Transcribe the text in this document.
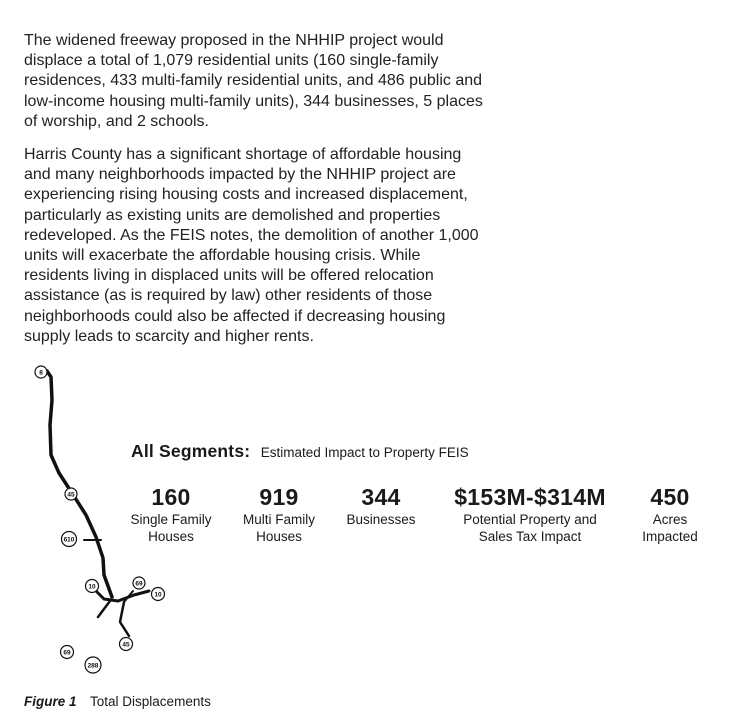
The widened freeway proposed in the NHHIP project would displace a total of 1,079 residential units (160 single-family residences, 433 multi-family residential units, and 486 public and low-income housing multi-family units), 344 businesses, 5 places of worship, and 2 schools.

Harris County has a significant shortage of affordable housing and many neighborhoods impacted by the NHHIP project are experiencing rising housing costs and increased displacement, particularly as existing units are demolished and properties redeveloped. As the FEIS notes, the demolition of another 1,000 units will exacerbate the affordable housing crisis. While residents living in displaced units will be offered relocation assistance (as is required by law) other residents of those neighborhoods could also be affected if decreasing housing supply leads to scarcity and higher rents.

8
45
610
10	69
10
45
69
288
All Segments: Estimated Impact to Property FEIS
160
Single Family
Houses
919
Multi Family
Houses
344
Businesses
$153M-$314M
Potential Property and
Sales Tax Impact
450
Acres
Impacted
Figure 1 Total Displacements
